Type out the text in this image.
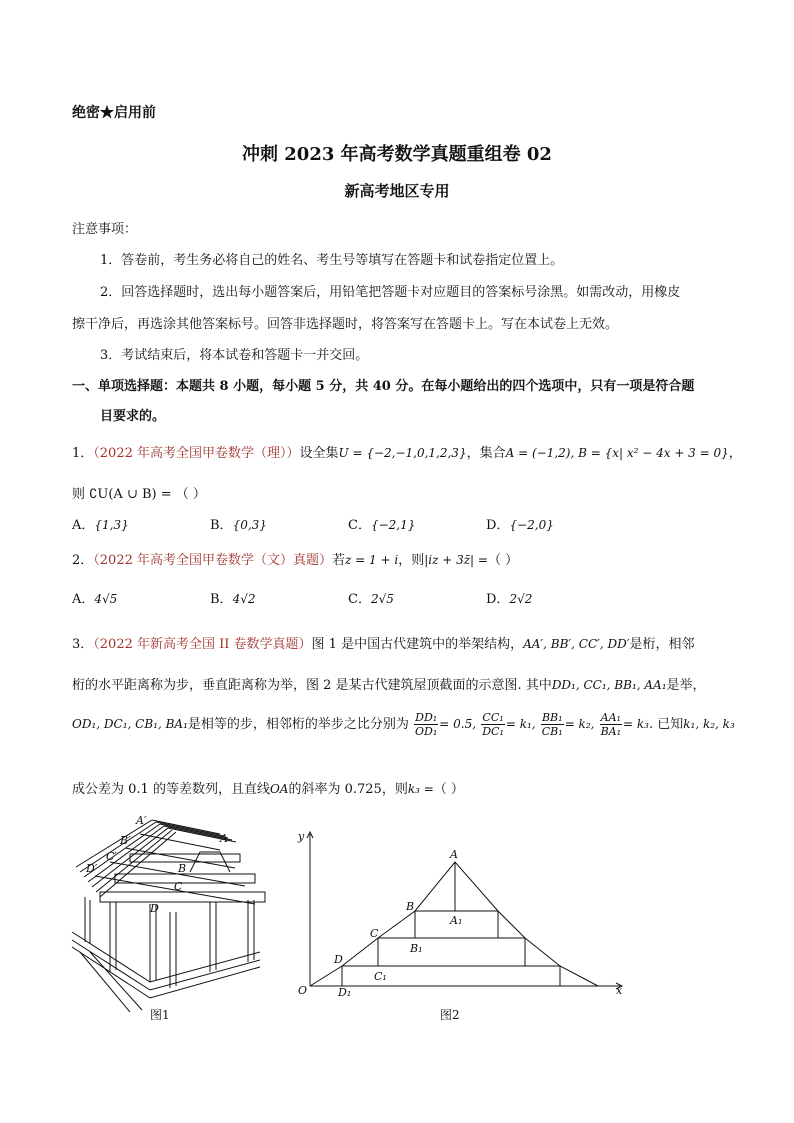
绝密★启用前
冲刺 2023 年高考数学真题重组卷 02
新高考地区专用
注意事项：
1．答卷前，考生务必将自己的姓名、考生号等填写在答题卡和试卷指定位置上。
2．回答选择题时，选出每小题答案后，用铅笔把答题卡对应题目的答案标号涂黑。如需改动，用橡皮
擦干净后，再选涂其他答案标号。回答非选择题时，将答案写在答题卡上。写在本试卷上无效。
3．考试结束后，将本试卷和答题卡一并交回。
一、单项选择题：本题共 8 小题，每小题 5 分，共 40 分。在每小题给出的四个选项中，只有一项是符合题
目要求的。
1．（2022 年高考全国甲卷数学（理））设全集U = {−2,−1,0,1,2,3}，集合A = (−1,2), B = {x| x² − 4x + 3 = 0}，
则 ∁U(A ∪ B) = （ ）
A．{1,3}	B．{0,3}	C．{−2,1}	D．{−2,0}
2．（2022 年高考全国甲卷数学（文）真题）若z = 1 + i，则|iz + 3z̄| =（ ）
A．4√5	B．4√2	C．2√5	D．2√2
3．（2022 年新高考全国 II 卷数学真题）图 1 是中国古代建筑中的举架结构，AA′, BB′, CC′, DD′是桁，相邻
桁的水平距离称为步，垂直距离称为举，图 2 是某古代建筑屋顶截面的示意图. 其中DD₁, CC₁, BB₁, AA₁是举，
OD₁, DC₁, CB₁, BA₁是相等的步，相邻桁的举步之比分别为 $\frac{\text{DD₁}}{\text{OD₁}} = 0.5$, $\frac{\text{CC₁}}{\text{DC₁}} = k_1$, $\frac{\text{BB₁}}{\text{CB₁}} = k_2$, $\frac{\text{AA₁}}{\text{BA₁}} = k_3$. 已知k₁, k₂, k₃
成公差为 0.1 的等差数列，且直线OA的斜率为 0.725，则k₃ =（ ）
A′
B′
C′
D′
A
B
C
D
图1
y
x
O
A
B
C
D
A₁
B₁
C₁
D₁
图2
